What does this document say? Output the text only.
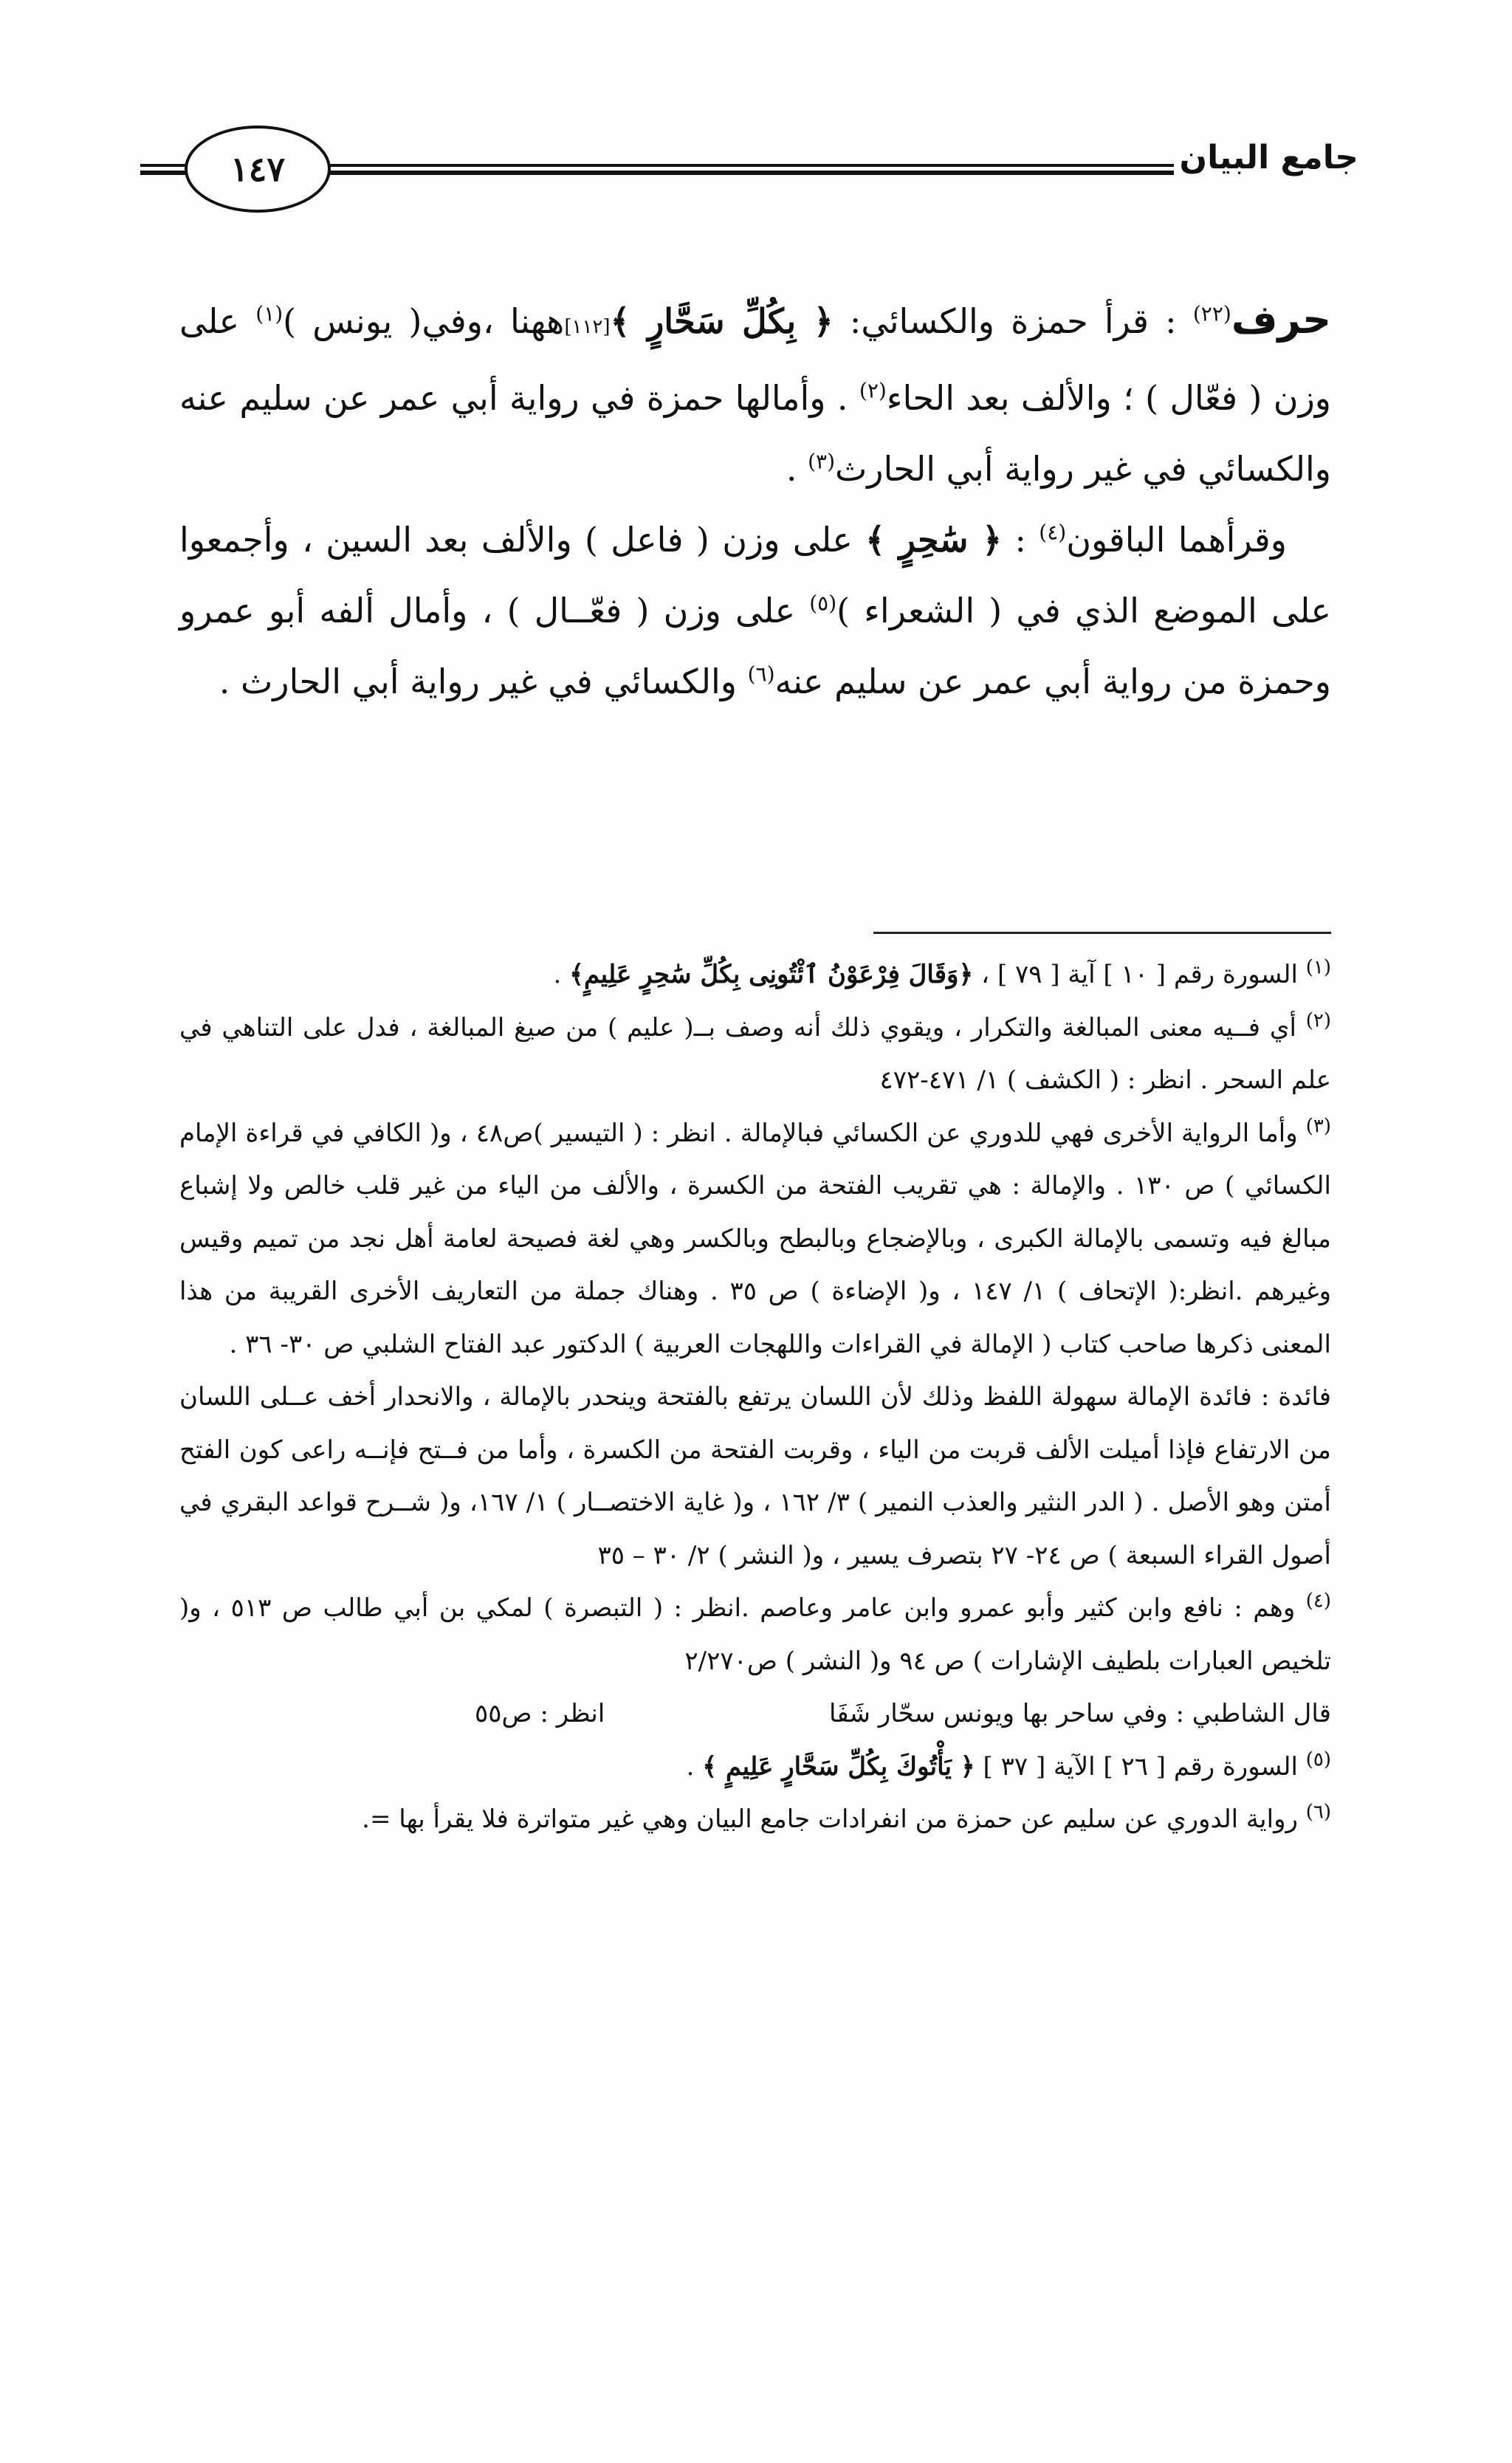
١٤٧	جامع البيان

حرف$^{(٢٢)}$ : قرأ حمزة والكسائي: ﴿ بِكُلِّ سَحَّارٍ ﴾[١١٢]ههنا ،وفي( يونس )$^{(١)}$ على وزن ( فعّال ) ؛ والألف بعد الحاء$^{(٢)}$ . وأمالها حمزة في رواية أبي عمر عن سليم عنه والكسائي في غير رواية أبي الحارث$^{(٣)}$ .

وقرأهما الباقون$^{(٤)}$ : ﴿ سَٰحِرٍ ﴾ على وزن ( فاعل ) والألف بعد السين ، وأجمعوا على الموضع الذي في ( الشعراء )$^{(٥)}$ على وزن ( فعّــال ) ، وأمال ألفه أبو عمرو وحمزة من رواية أبي عمر عن سليم عنه$^{(٦)}$ والكسائي في غير رواية أبي الحارث .

$^{(١)}$ السورة رقم [ ١٠ ] آية [ ٧٩ ] ، ﴿وَقَالَ فِرْعَوْنُ ٱئْتُونِى بِكُلِّ سَٰحِرٍ عَلِيمٍ﴾ .

$^{(٢)}$ أي فــيه معنى المبالغة والتكرار ، ويقوي ذلك أنه وصف بــ( عليم ) من صيغ المبالغة ، فدل على التناهي في علم السحر . انظر : ( الكشف ) ١/ ٤٧١-٤٧٢

$^{(٣)}$ وأما الرواية الأخرى فهي للدوري عن الكسائي فبالإمالة . انظر : ( التيسير )ص٤٨ ، و( الكافي في قراءة الإمام الكسائي ) ص ١٣٠ . والإمالة : هي تقريب الفتحة من الكسرة ، والألف من الياء من غير قلب خالص ولا إشباع مبالغ فيه وتسمى بالإمالة الكبرى ، وبالإضجاع وبالبطح وبالكسر وهي لغة فصيحة لعامة أهل نجد من تميم وقيس وغيرهم .انظر:( الإتحاف ) ١/ ١٤٧ ، و( الإضاءة ) ص ٣٥ . وهناك جملة من التعاريف الأخرى القريبة من هذا المعنى ذكرها صاحب كتاب ( الإمالة في القراءات واللهجات العربية ) الدكتور عبد الفتاح الشلبي ص ٣٠- ٣٦ .

فائدة : فائدة الإمالة سهولة اللفظ وذلك لأن اللسان يرتفع بالفتحة وينحدر بالإمالة ، والانحدار أخف عــلى اللسان من الارتفاع فإذا أميلت الألف قربت من الياء ، وقربت الفتحة من الكسرة ، وأما من فــتح فإنــه راعى كون الفتح أمتن وهو الأصل . ( الدر النثير والعذب النمير ) ٣/ ١٦٢ ، و( غاية الاختصــار ) ١/ ١٦٧، و( شــرح قواعد البقري في أصول القراء السبعة ) ص ٢٤- ٢٧ بتصرف يسير ، و( النشر ) ٢/ ٣٠ – ٣٥

$^{(٤)}$ وهم : نافع وابن كثير وأبو عمرو وابن عامر وعاصم .انظر : ( التبصرة ) لمكي بن أبي طالب ص ٥١٣ ، و( تلخيص العبارات بلطيف الإشارات ) ص ٩٤ و( النشر ) ص٢/٢٧٠

قال الشاطبي : وفي ساحر بها ويونس سحّار شَفَا
انظر : ص٥٥

$^{(٥)}$ السورة رقم [ ٢٦ ] الآية [ ٣٧ ] ﴿ يَأْتُوكَ بِكُلِّ سَحَّارٍ عَلِيمٍ ﴾ .

$^{(٦)}$ رواية الدوري عن سليم عن حمزة من انفرادات جامع البيان وهي غير متواترة فلا يقرأ بها =.
